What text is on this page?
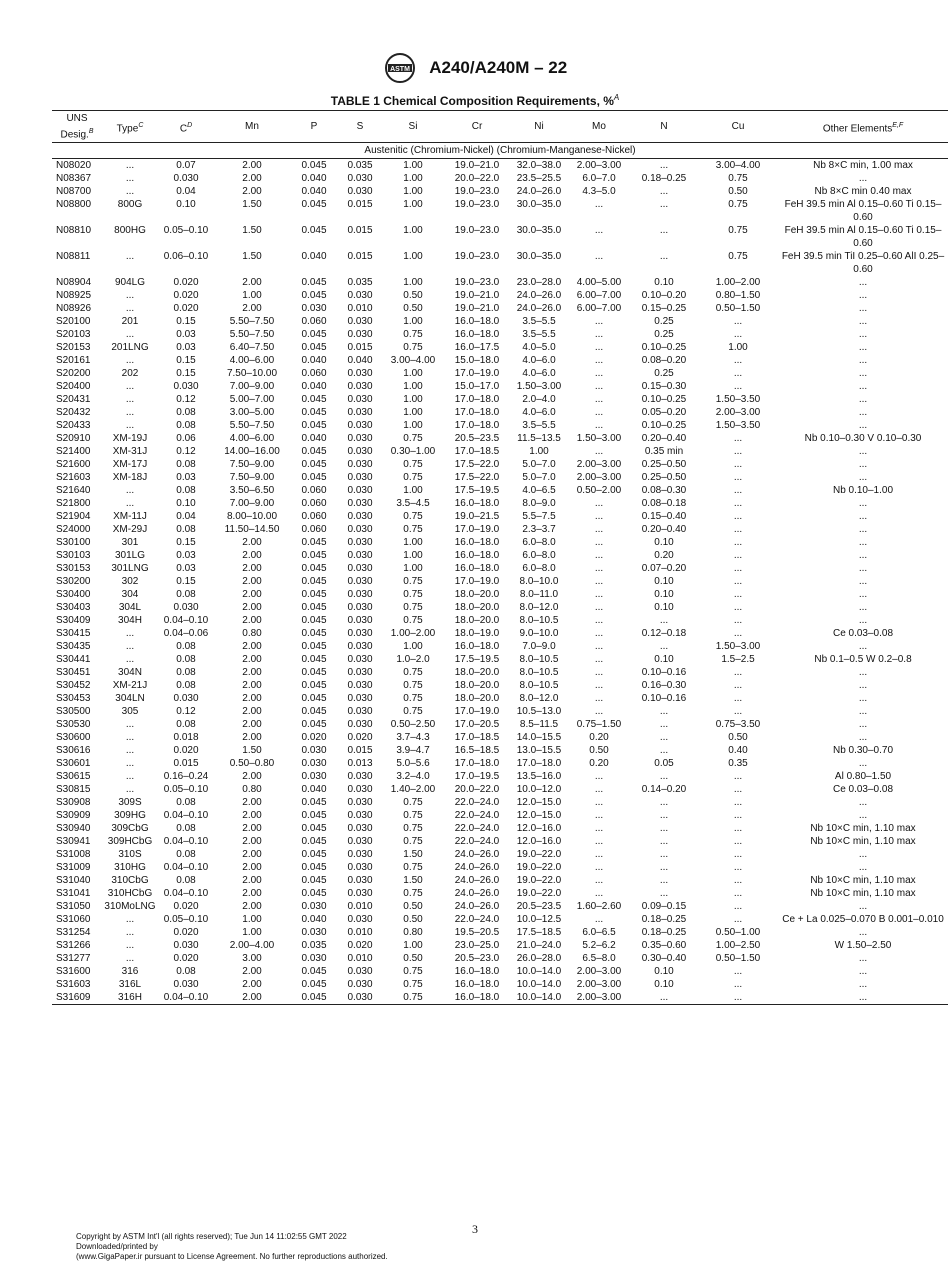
ASTM A240/A240M – 22
TABLE 1 Chemical Composition Requirements, %$^A$
UNS Desig.$^B$	Type$^C$	C$^D$	Mn	P	S	Si	Cr	Ni	Mo	N	Cu	Other Elements$^{E,F}$
Austenitic (Chromium-Nickel) (Chromium-Manganese-Nickel)												
N08020	...	0.07	2.00	0.045	0.035	1.00	19.0–21.0	32.0–38.0	2.00–3.00	...	3.00–4.00	Nb 8×C min, 1.00 max
N08367	...	0.030	2.00	0.040	0.030	1.00	20.0–22.0	23.5–25.5	6.0–7.0	0.18–0.25	0.75	...
N08700	...	0.04	2.00	0.040	0.030	1.00	19.0–23.0	24.0–26.0	4.3–5.0	...	0.50	Nb 8×C min 0.40 max
N08800	800G	0.10	1.50	0.045	0.015	1.00	19.0–23.0	30.0–35.0	...	...	0.75	FeH 39.5 min Al 0.15–0.60 Ti 0.15–0.60
N08810	800HG	0.05–0.10	1.50	0.045	0.015	1.00	19.0–23.0	30.0–35.0	...	...	0.75	FeH 39.5 min Al 0.15–0.60 Ti 0.15–0.60
N08811	...	0.06–0.10	1.50	0.040	0.015	1.00	19.0–23.0	30.0–35.0	...	...	0.75	FeH 39.5 min TiI 0.25–0.60 AlI 0.25–0.60
N08904	904LG	0.020	2.00	0.045	0.035	1.00	19.0–23.0	23.0–28.0	4.00–5.00	0.10	1.00–2.00	...
N08925	...	0.020	1.00	0.045	0.030	0.50	19.0–21.0	24.0–26.0	6.00–7.00	0.10–0.20	0.80–1.50	...
N08926	...	0.020	2.00	0.030	0.010	0.50	19.0–21.0	24.0–26.0	6.00–7.00	0.15–0.25	0.50–1.50	...
S20100	201	0.15	5.50–7.50	0.060	0.030	1.00	16.0–18.0	3.5–5.5	...	0.25	...	...
S20103	...	0.03	5.50–7.50	0.045	0.030	0.75	16.0–18.0	3.5–5.5	...	0.25	...	...
S20153	201LNG	0.03	6.40–7.50	0.045	0.015	0.75	16.0–17.5	4.0–5.0	...	0.10–0.25	1.00	...
S20161	...	0.15	4.00–6.00	0.040	0.040	3.00–4.00	15.0–18.0	4.0–6.0	...	0.08–0.20	...	...
S20200	202	0.15	7.50–10.00	0.060	0.030	1.00	17.0–19.0	4.0–6.0	...	0.25	...	...
S20400	...	0.030	7.00–9.00	0.040	0.030	1.00	15.0–17.0	1.50–3.00	...	0.15–0.30	...	...
S20431	...	0.12	5.00–7.00	0.045	0.030	1.00	17.0–18.0	2.0–4.0	...	0.10–0.25	1.50–3.50	...
S20432	...	0.08	3.00–5.00	0.045	0.030	1.00	17.0–18.0	4.0–6.0	...	0.05–0.20	2.00–3.00	...
S20433	...	0.08	5.50–7.50	0.045	0.030	1.00	17.0–18.0	3.5–5.5	...	0.10–0.25	1.50–3.50	...
S20910	XM-19J	0.06	4.00–6.00	0.040	0.030	0.75	20.5–23.5	11.5–13.5	1.50–3.00	0.20–0.40	...	Nb 0.10–0.30 V 0.10–0.30
S21400	XM-31J	0.12	14.00–16.00	0.045	0.030	0.30–1.00	17.0–18.5	1.00	...	0.35 min	...	...
S21600	XM-17J	0.08	7.50–9.00	0.045	0.030	0.75	17.5–22.0	5.0–7.0	2.00–3.00	0.25–0.50	...	...
S21603	XM-18J	0.03	7.50–9.00	0.045	0.030	0.75	17.5–22.0	5.0–7.0	2.00–3.00	0.25–0.50	...	...
S21640	...	0.08	3.50–6.50	0.060	0.030	1.00	17.5–19.5	4.0–6.5	0.50–2.00	0.08–0.30	...	Nb 0.10–1.00
S21800	...	0.10	7.00–9.00	0.060	0.030	3.5–4.5	16.0–18.0	8.0–9.0	...	0.08–0.18	...	...
S21904	XM-11J	0.04	8.00–10.00	0.060	0.030	0.75	19.0–21.5	5.5–7.5	...	0.15–0.40	...	...
S24000	XM-29J	0.08	11.50–14.50	0.060	0.030	0.75	17.0–19.0	2.3–3.7	...	0.20–0.40	...	...
S30100	301	0.15	2.00	0.045	0.030	1.00	16.0–18.0	6.0–8.0	...	0.10	...	...
S30103	301LG	0.03	2.00	0.045	0.030	1.00	16.0–18.0	6.0–8.0	...	0.20	...	...
S30153	301LNG	0.03	2.00	0.045	0.030	1.00	16.0–18.0	6.0–8.0	...	0.07–0.20	...	...
S30200	302	0.15	2.00	0.045	0.030	0.75	17.0–19.0	8.0–10.0	...	0.10	...	...
S30400	304	0.08	2.00	0.045	0.030	0.75	18.0–20.0	8.0–11.0	...	0.10	...	...
S30403	304L	0.030	2.00	0.045	0.030	0.75	18.0–20.0	8.0–12.0	...	0.10	...	...
S30409	304H	0.04–0.10	2.00	0.045	0.030	0.75	18.0–20.0	8.0–10.5	...	...	...	...
S30415	...	0.04–0.06	0.80	0.045	0.030	1.00–2.00	18.0–19.0	9.0–10.0	...	0.12–0.18	...	Ce 0.03–0.08
S30435	...	0.08	2.00	0.045	0.030	1.00	16.0–18.0	7.0–9.0	...	...	1.50–3.00	...
S30441	...	0.08	2.00	0.045	0.030	1.0–2.0	17.5–19.5	8.0–10.5	...	0.10	1.5–2.5	Nb 0.1–0.5 W 0.2–0.8
S30451	304N	0.08	2.00	0.045	0.030	0.75	18.0–20.0	8.0–10.5	...	0.10–0.16	...	...
S30452	XM-21J	0.08	2.00	0.045	0.030	0.75	18.0–20.0	8.0–10.5	...	0.16–0.30	...	...
S30453	304LN	0.030	2.00	0.045	0.030	0.75	18.0–20.0	8.0–12.0	...	0.10–0.16	...	...
S30500	305	0.12	2.00	0.045	0.030	0.75	17.0–19.0	10.5–13.0	...	...	...	...
S30530	...	0.08	2.00	0.045	0.030	0.50–2.50	17.0–20.5	8.5–11.5	0.75–1.50	...	0.75–3.50	...
S30600	...	0.018	2.00	0.020	0.020	3.7–4.3	17.0–18.5	14.0–15.5	0.20	...	0.50	...
S30616	...	0.020	1.50	0.030	0.015	3.9–4.7	16.5–18.5	13.0–15.5	0.50	...	0.40	Nb 0.30–0.70
S30601	...	0.015	0.50–0.80	0.030	0.013	5.0–5.6	17.0–18.0	17.0–18.0	0.20	0.05	0.35	...
S30615	...	0.16–0.24	2.00	0.030	0.030	3.2–4.0	17.0–19.5	13.5–16.0	...	...	...	Al 0.80–1.50
S30815	...	0.05–0.10	0.80	0.040	0.030	1.40–2.00	20.0–22.0	10.0–12.0	...	0.14–0.20	...	Ce 0.03–0.08
S30908	309S	0.08	2.00	0.045	0.030	0.75	22.0–24.0	12.0–15.0	...	...	...	...
S30909	309HG	0.04–0.10	2.00	0.045	0.030	0.75	22.0–24.0	12.0–15.0	...	...	...	...
S30940	309CbG	0.08	2.00	0.045	0.030	0.75	22.0–24.0	12.0–16.0	...	...	...	Nb 10×C min, 1.10 max
S30941	309HCbG	0.04–0.10	2.00	0.045	0.030	0.75	22.0–24.0	12.0–16.0	...	...	...	Nb 10×C min, 1.10 max
S31008	310S	0.08	2.00	0.045	0.030	1.50	24.0–26.0	19.0–22.0	...	...	...	...
S31009	310HG	0.04–0.10	2.00	0.045	0.030	0.75	24.0–26.0	19.0–22.0	...	...	...	...
S31040	310CbG	0.08	2.00	0.045	0.030	1.50	24.0–26.0	19.0–22.0	...	...	...	Nb 10×C min, 1.10 max
S31041	310HCbG	0.04–0.10	2.00	0.045	0.030	0.75	24.0–26.0	19.0–22.0	...	...	...	Nb 10×C min, 1.10 max
S31050	310MoLNG	0.020	2.00	0.030	0.010	0.50	24.0–26.0	20.5–23.5	1.60–2.60	0.09–0.15	...	...
S31060	...	0.05–0.10	1.00	0.040	0.030	0.50	22.0–24.0	10.0–12.5	...	0.18–0.25	...	Ce + La 0.025–0.070 B 0.001–0.010
S31254	...	0.020	1.00	0.030	0.010	0.80	19.5–20.5	17.5–18.5	6.0–6.5	0.18–0.25	0.50–1.00	...
S31266	...	0.030	2.00–4.00	0.035	0.020	1.00	23.0–25.0	21.0–24.0	5.2–6.2	0.35–0.60	1.00–2.50	W 1.50–2.50
S31277	...	0.020	3.00	0.030	0.010	0.50	20.5–23.0	26.0–28.0	6.5–8.0	0.30–0.40	0.50–1.50	...
S31600	316	0.08	2.00	0.045	0.030	0.75	16.0–18.0	10.0–14.0	2.00–3.00	0.10	...	...
S31603	316L	0.030	2.00	0.045	0.030	0.75	16.0–18.0	10.0–14.0	2.00–3.00	0.10	...	...
S31609	316H	0.04–0.10	2.00	0.045	0.030	0.75	16.0–18.0	10.0–14.0	2.00–3.00	...	...	...
3
Copyright by ASTM Int'l (all rights reserved); Tue Jun 14 11:02:55 GMT 2022
Downloaded/printed by
(www.GigaPaper.ir pursuant to License Agreement. No further reproductions authorized.
